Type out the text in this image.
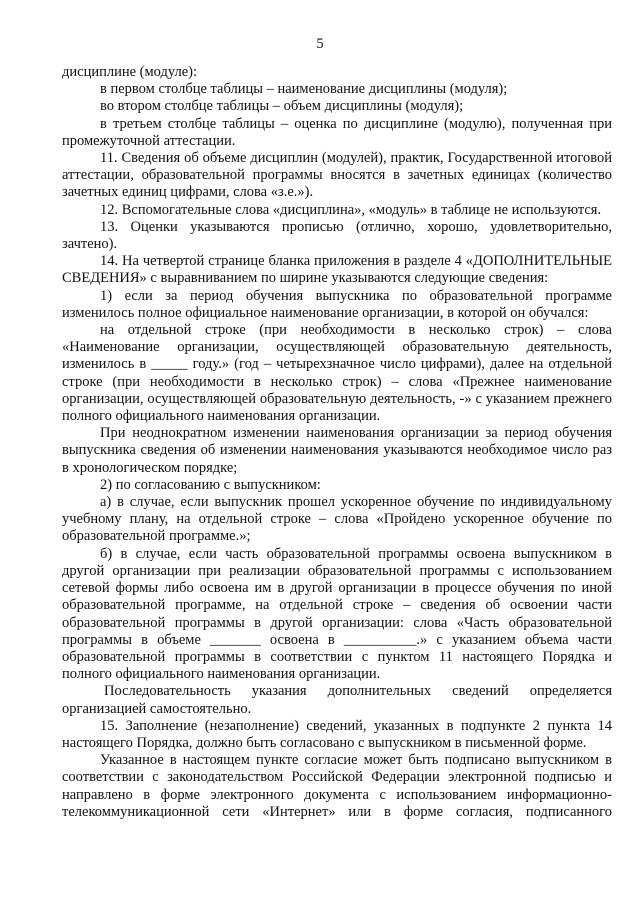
5

дисциплине (модуле):

в первом столбце таблицы – наименование дисциплины (модуля);

во втором столбце таблицы – объем дисциплины (модуля);

в третьем столбце таблицы – оценка по дисциплине (модулю), полученная при промежуточной аттестации.

11. Сведения об объеме дисциплин (модулей), практик, Государственной итоговой аттестации, образовательной программы вносятся в зачетных единицах (количество зачетных единиц цифрами, слова «з.е.»).

12. Вспомогательные слова «дисциплина», «модуль» в таблице не используются.

13. Оценки указываются прописью (отлично, хорошо, удовлетворительно, зачтено).

14. На четвертой странице бланка приложения в разделе 4 «ДОПОЛНИТЕЛЬНЫЕ СВЕДЕНИЯ» с выравниванием по ширине указываются следующие сведения:

1) если за период обучения выпускника по образовательной программе изменилось полное официальное наименование организации, в которой он обучался:

на отдельной строке (при необходимости в несколько строк) – слова «Наименование организации, осуществляющей образовательную деятельность, изменилось в _____ году.» (год – четырехзначное число цифрами), далее на отдельной строке (при необходимости в несколько строк) – слова «Прежнее наименование организации, осуществляющей образовательную деятельность, -» с указанием прежнего полного официального наименования организации.

При неоднократном изменении наименования организации за период обучения выпускника сведения об изменении наименования указываются необходимое число раз в хронологическом порядке;

2) по согласованию с выпускником:

а) в случае, если выпускник прошел ускоренное обучение по индивидуальному учебному плану, на отдельной строке – слова «Пройдено ускоренное обучение по образовательной программе.»;

б) в случае, если часть образовательной программы освоена выпускником в другой организации при реализации образовательной программы с использованием сетевой формы либо освоена им в другой организации в процессе обучения по иной образовательной программе, на отдельной строке – сведения об освоении части образовательной программы в другой организации: слова «Часть образовательной программы в объеме _______ освоена в __________.» с указанием объема части образовательной программы в соответствии с пунктом 11 настоящего Порядка и полного официального наименования организации.

Последовательность указания дополнительных сведений определяется организацией самостоятельно.

15. Заполнение (незаполнение) сведений, указанных в подпункте 2 пункта 14 настоящего Порядка, должно быть согласовано с выпускником в письменной форме.

Указанное в настоящем пункте согласие может быть подписано выпускником в соответствии с законодательством Российской Федерации электронной подписью и направлено в форме электронного документа с использованием информационно-телекоммуникационной сети «Интернет» или в форме согласия, подписанного
